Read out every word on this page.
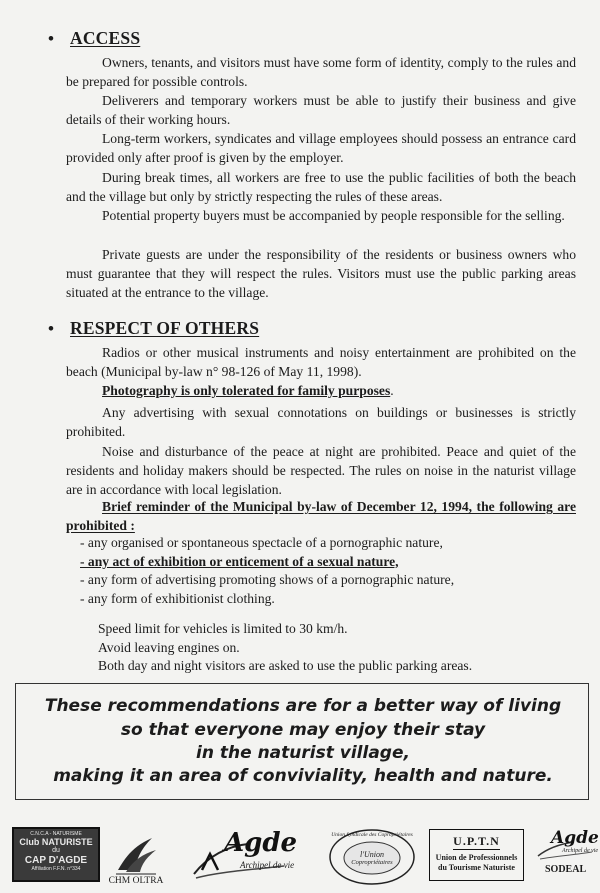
• ACCESS

Owners, tenants, and visitors must have some form of identity, comply to the rules and be prepared for possible controls.

Deliverers and temporary workers must be able to justify their business and give details of their working hours.

Long-term workers, syndicates and village employees should possess an entrance card provided only after proof is given by the employer.

During break times, all workers are free to use the public facilities of both the beach and the village but only by strictly respecting the rules of these areas.

Potential property buyers must be accompanied by people responsible for the selling.

Private guests are under the responsibility of the residents or business owners who must guarantee that they will respect the rules. Visitors must use the public parking areas situated at the entrance to the village.

• RESPECT OF OTHERS

Radios or other musical instruments and noisy entertainment are prohibited on the beach (Municipal by-law n° 98-126 of May 11, 1998).

Photography is only tolerated for family purposes.

Any advertising with sexual connotations on buildings or businesses is strictly prohibited.

Noise and disturbance of the peace at night are prohibited. Peace and quiet of the residents and holiday makers should be respected. The rules on noise in the naturist village are in accordance with local legislation.

Brief reminder of the Municipal by-law of December 12, 1994, the following are prohibited :

- any organised or spontaneous spectacle of a pornographic nature,
- any act of exhibition or enticement of a sexual nature,
- any form of advertising promoting shows of a pornographic nature,
- any form of exhibitionist clothing.
Speed limit for vehicles is limited to 30 km/h.
Avoid leaving engines on.
Both day and night visitors are asked to use the public parking areas.
These recommendations are for a better way of living
so that everyone may enjoy their stay
in the naturist village,
making it an area of conviviality, health and nature.
C.N.C.A - NATURISME
Club NATURISTE
du
CAP D'AGDE
Affiliation F.F.N. n°334
CHM OLTRA
Agde
Archipel de vie
Union Syndicale des Copropriétaires
l'Union
Copropriétaires
U.P.T.N
Union de Professionnels
du Tourisme Naturiste
Agde
Archipel de vie
SODEAL
